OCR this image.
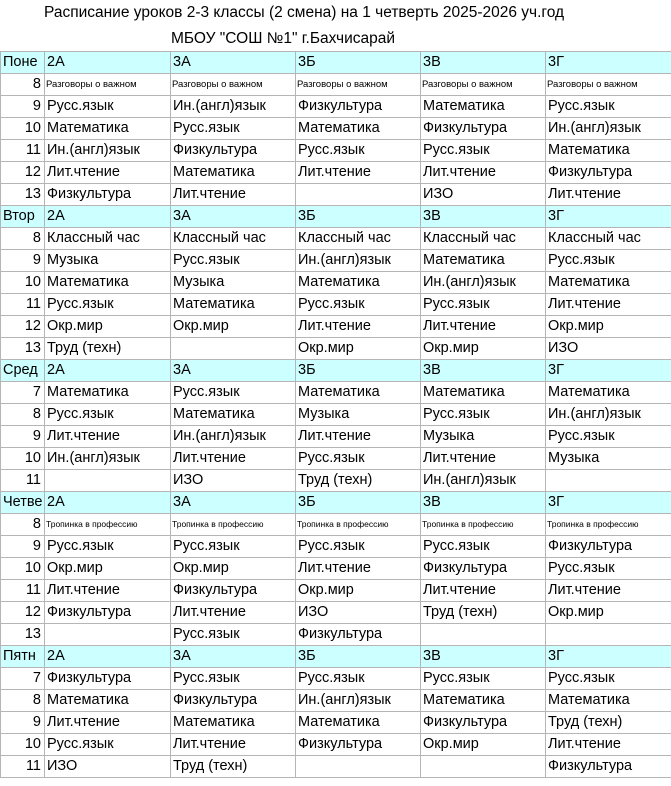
Расписание уроков 2-3 классы (2 смена) на 1 четверть 2025-2026 уч.год
МБОУ "СОШ №1" г.Бахчисарай
Поне	2А	3А	3Б	3В	3Г
8	Разговоры о важном	Разговоры о важном	Разговоры о важном	Разговоры о важном	Разговоры о важном
9	Русс.язык	Ин.(англ)язык	Физкультура	Математика	Русс.язык
10	Математика	Русс.язык	Математика	Физкультура	Ин.(англ)язык
11	Ин.(англ)язык	Физкультура	Русс.язык	Русс.язык	Математика
12	Лит.чтение	Математика	Лит.чтение	Лит.чтение	Физкультура
13	Физкультура	Лит.чтение		ИЗО	Лит.чтение
Втор	2А	3А	3Б	3В	3Г
8	Классный час	Классный час	Классный час	Классный час	Классный час
9	Музыка	Русс.язык	Ин.(англ)язык	Математика	Русс.язык
10	Математика	Музыка	Математика	Ин.(англ)язык	Математика
11	Русс.язык	Математика	Русс.язык	Русс.язык	Лит.чтение
12	Окр.мир	Окр.мир	Лит.чтение	Лит.чтение	Окр.мир
13	Труд (техн)		Окр.мир	Окр.мир	ИЗО
Сред	2А	3А	3Б	3В	3Г
7	Математика	Русс.язык	Математика	Математика	Математика
8	Русс.язык	Математика	Музыка	Русс.язык	Ин.(англ)язык
9	Лит.чтение	Ин.(англ)язык	Лит.чтение	Музыка	Русс.язык
10	Ин.(англ)язык	Лит.чтение	Русс.язык	Лит.чтение	Музыка
11		ИЗО	Труд (техн)	Ин.(англ)язык	
Четве	2А	3А	3Б	3В	3Г
8	Тропинка в профессию	Тропинка в профессию	Тропинка в профессию	Тропинка в профессию	Тропинка в профессию
9	Русс.язык	Русс.язык	Русс.язык	Русс.язык	Физкультура
10	Окр.мир	Окр.мир	Лит.чтение	Физкультура	Русс.язык
11	Лит.чтение	Физкультура	Окр.мир	Лит.чтение	Лит.чтение
12	Физкультура	Лит.чтение	ИЗО	Труд (техн)	Окр.мир
13		Русс.язык	Физкультура		
Пятн	2А	3А	3Б	3В	3Г
7	Физкультура	Русс.язык	Русс.язык	Русс.язык	Русс.язык
8	Математика	Физкультура	Ин.(англ)язык	Математика	Математика
9	Лит.чтение	Математика	Математика	Физкультура	Труд (техн)
10	Русс.язык	Лит.чтение	Физкультура	Окр.мир	Лит.чтение
11	ИЗО	Труд (техн)			Физкультура
